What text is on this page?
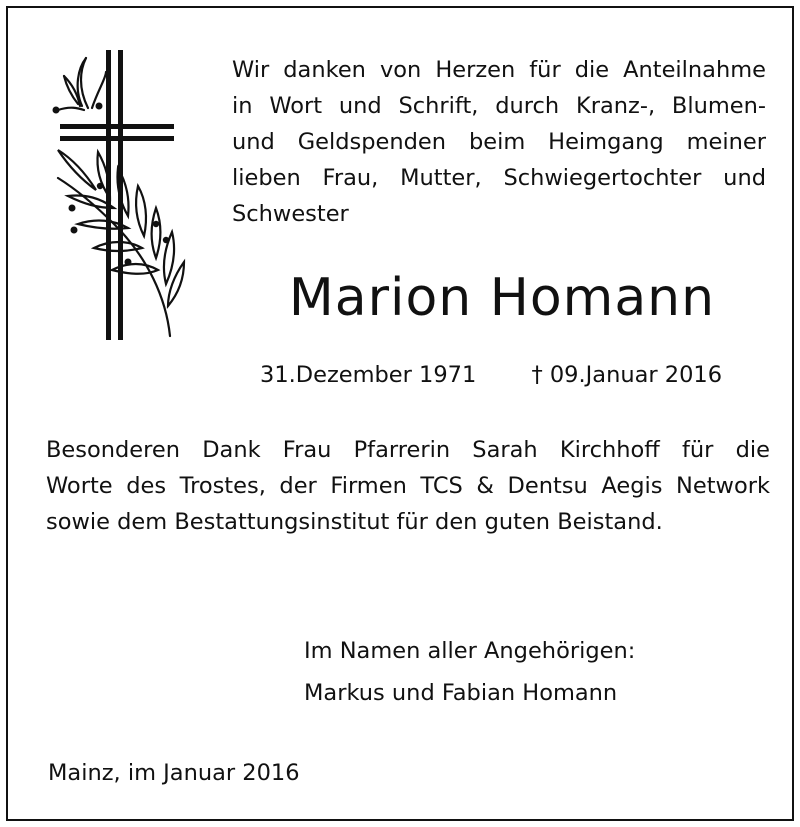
Wir danken von Herzen für die Anteilnahme
in Wort und Schrift, durch Kranz-, Blumen-
und Geldspenden beim Heimgang meiner
lieben Frau, Mutter, Schwiegertochter und
Schwester

Marion Homann
31.Dezember 1971 † 09.Januar 2016

Besonderen Dank Frau Pfarrerin Sarah Kirchhoff für die
Worte des Trostes, der Firmen TCS & Dentsu Aegis Network
sowie dem Bestattungsinstitut für den guten Beistand.

Im Namen aller Angehörigen:
Markus und Fabian Homann
Mainz, im Januar 2016
